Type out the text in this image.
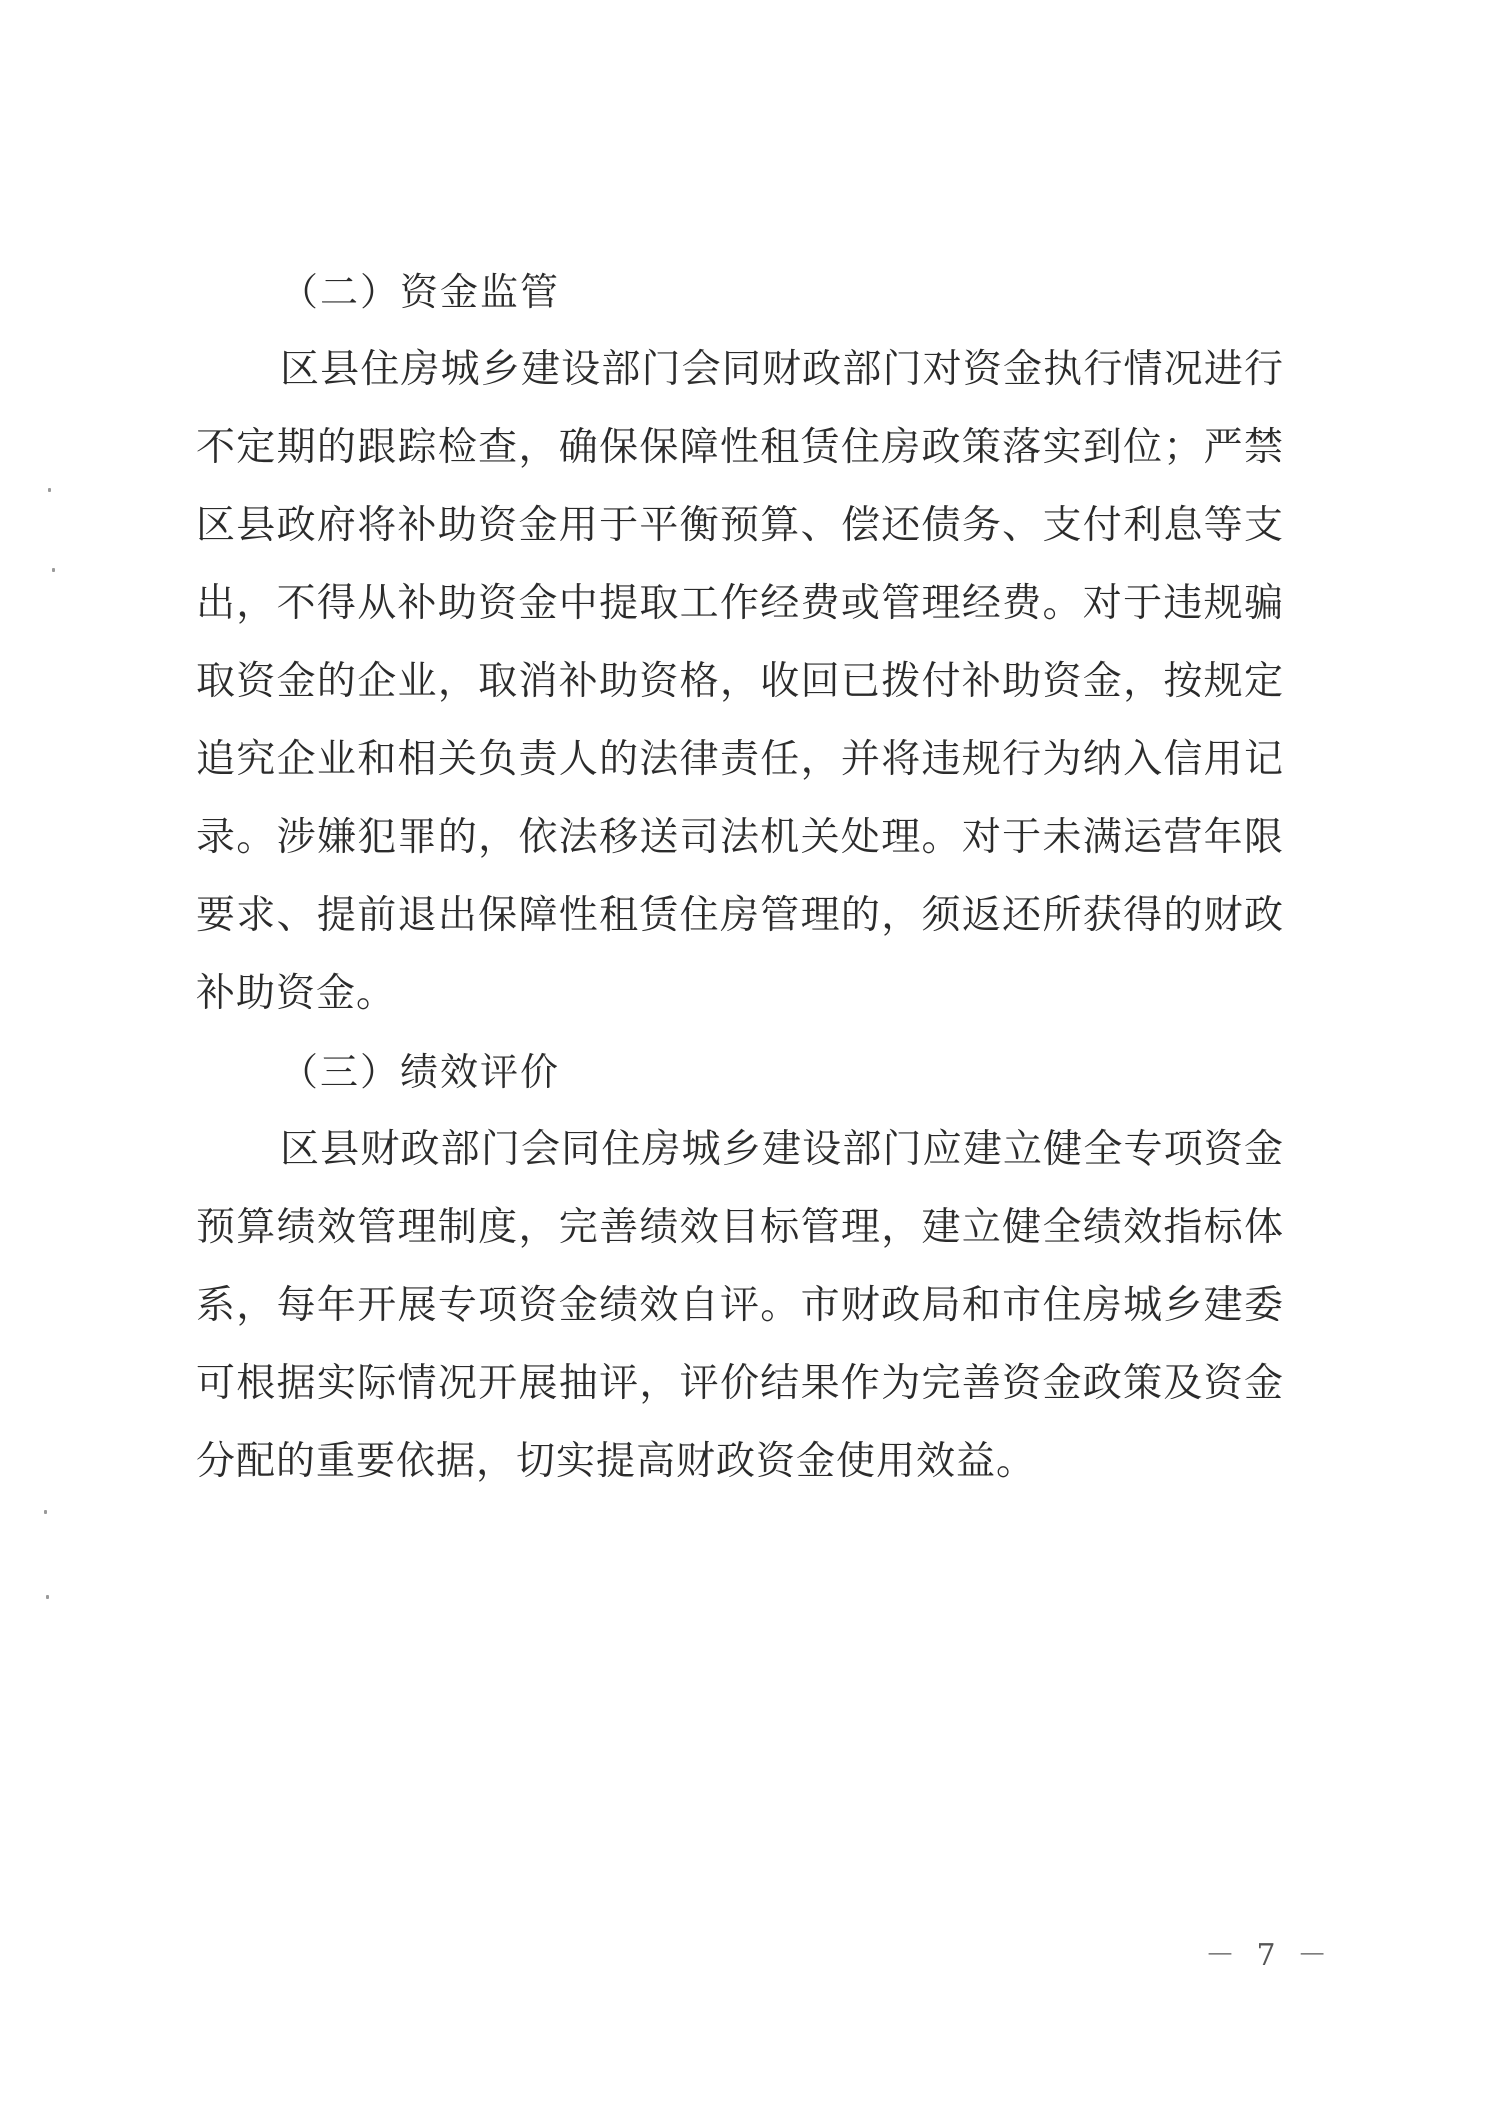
（二）资金监管

区县住房城乡建设部门会同财政部门对资金执行情况进行不定期的跟踪检查，确保保障性租赁住房政策落实到位；严禁区县政府将补助资金用于平衡预算、偿还债务、支付利息等支出，不得从补助资金中提取工作经费或管理经费。对于违规骗取资金的企业，取消补助资格，收回已拨付补助资金，按规定追究企业和相关负责人的法律责任，并将违规行为纳入信用记录。涉嫌犯罪的，依法移送司法机关处理。对于未满运营年限要求、提前退出保障性租赁住房管理的，须返还所获得的财政补助资金。

（三）绩效评价

区县财政部门会同住房城乡建设部门应建立健全专项资金预算绩效管理制度，完善绩效目标管理，建立健全绩效指标体系，每年开展专项资金绩效自评。市财政局和市住房城乡建委可根据实际情况开展抽评，评价结果作为完善资金政策及资金分配的重要依据，切实提高财政资金使用效益。

－ 7 －
